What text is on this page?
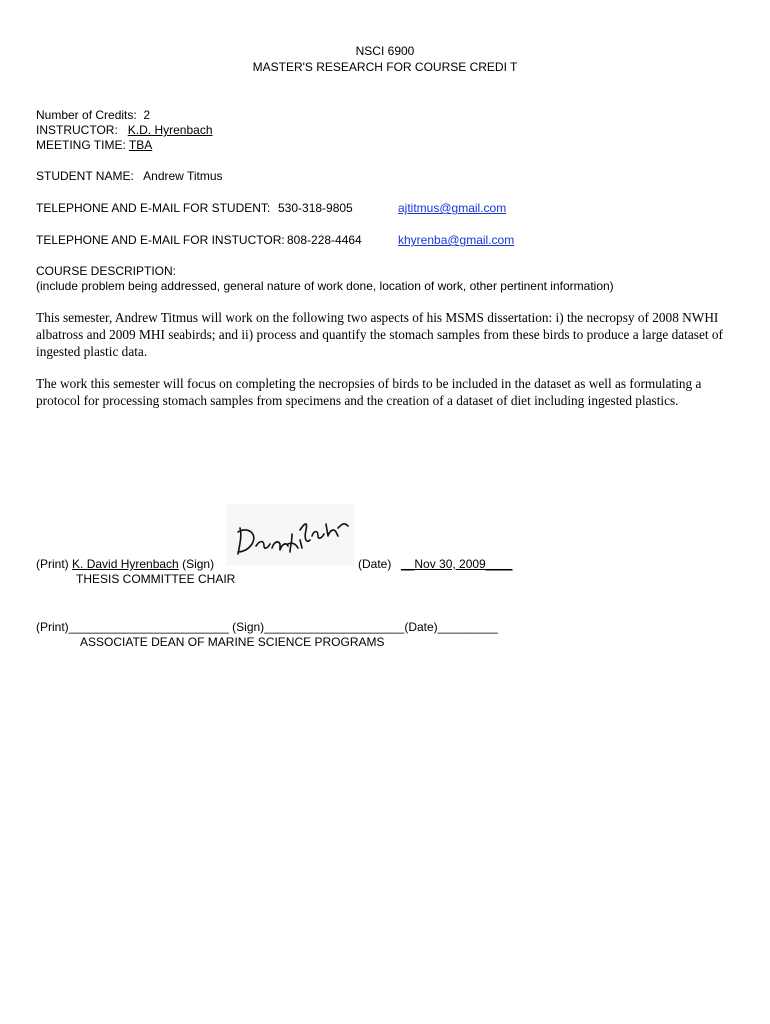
NSCI 6900
MASTER'S RESEARCH FOR COURSE CREDI T
Number of Credits: 2
INSTRUCTOR: K.D. Hyrenbach
MEETING TIME: TBA
STUDENT NAME: Andrew Titmus
TELEPHONE AND E-MAIL FOR STUDENT: 530-318-9805	ajtitmus@gmail.com
TELEPHONE AND E-MAIL FOR INSTUCTOR: 808-228-4464	khyrenba@gmail.com
COURSE DESCRIPTION:
(include problem being addressed, general nature of work done, location of work, other pertinent information)
This semester, Andrew Titmus will work on the following two aspects of his MSMS dissertation: i) the necropsy of 2008 NWHI albatross and 2009 MHI seabirds; and ii) process and quantify the stomach samples from these birds to produce a large dataset of ingested plastic data.
The work this semester will focus on completing the necropsies of birds to be included in the dataset as well as formulating a protocol for processing stomach samples from specimens and the creation of a dataset of diet including ingested plastics.
David Hyrenbach
(Print) K. David Hyrenbach (Sign)	(Date) __Nov 30, 2009____
THESIS COMMITTEE CHAIR
(Print)________________________ (Sign)_____________________(Date)_________
ASSOCIATE DEAN OF MARINE SCIENCE PROGRAMS
